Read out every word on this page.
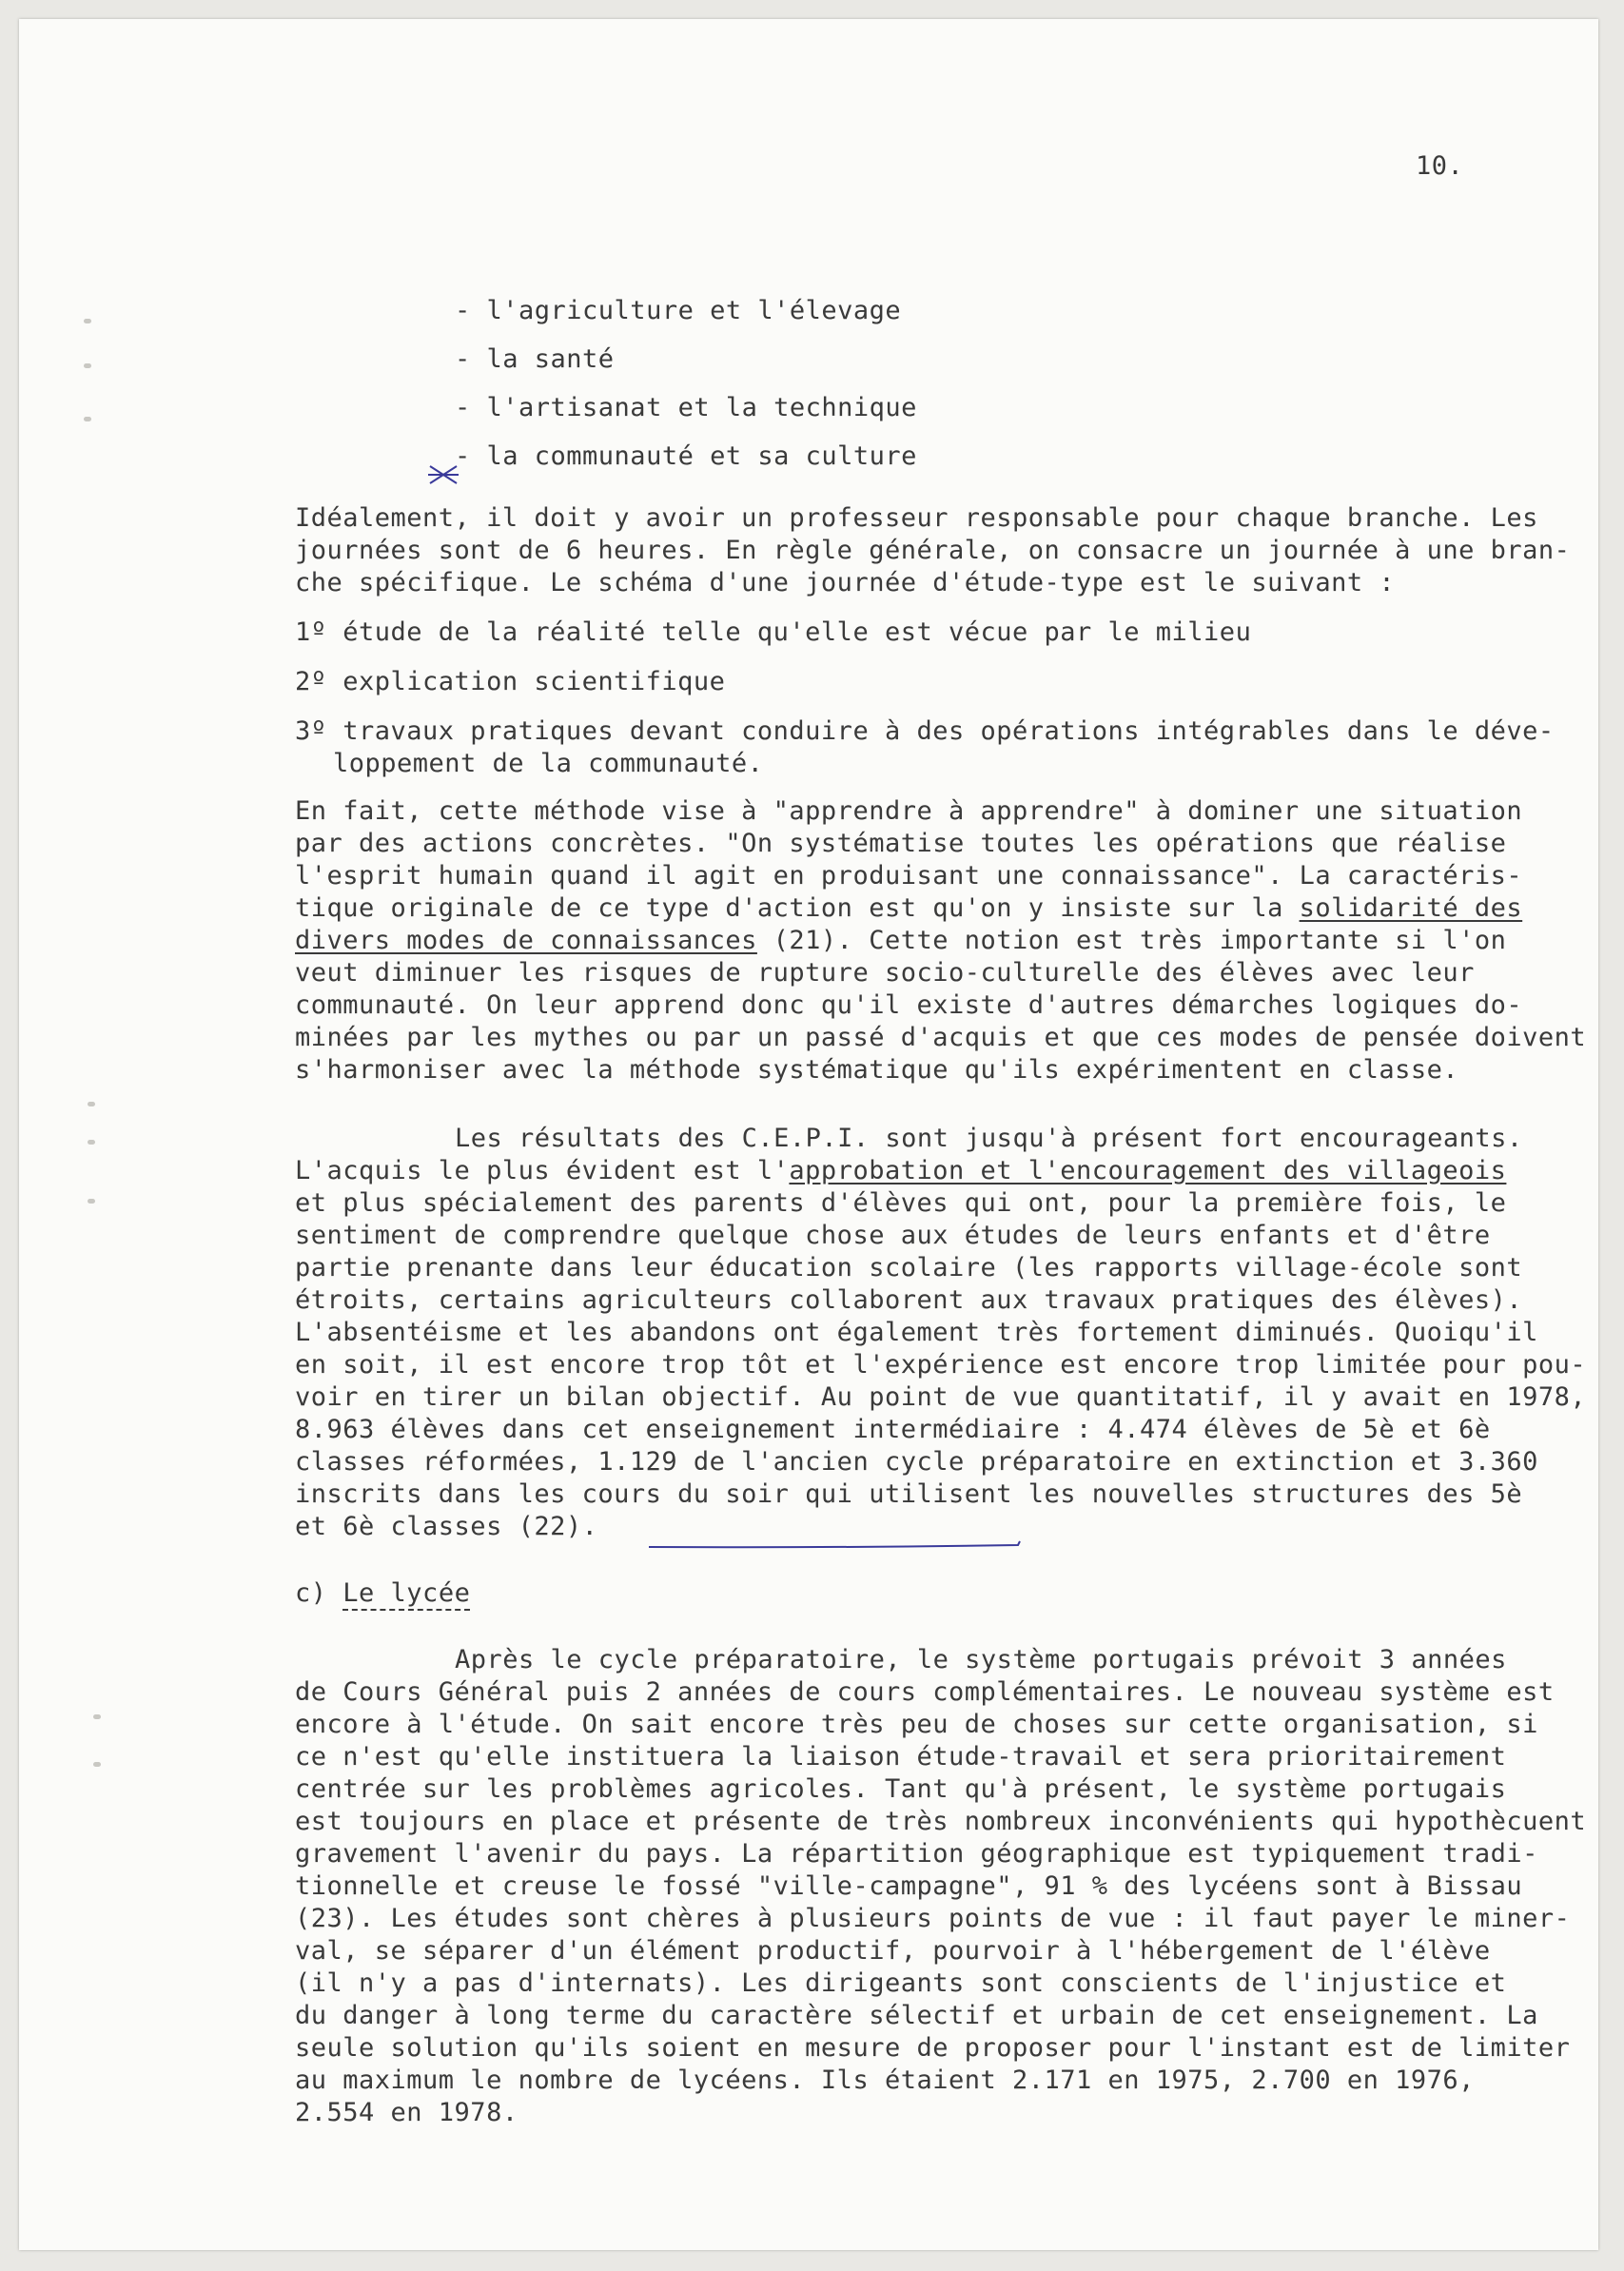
10.
- l'agriculture et l'élevage
- la santé
- l'artisanat et la technique
- la communauté et sa culture
Idéalement, il doit y avoir un professeur responsable pour chaque branche. Les
journées sont de 6 heures. En règle générale, on consacre un journée à une bran-
che spécifique. Le schéma d'une journée d'étude-type est le suivant :
1º étude de la réalité telle qu'elle est vécue par le milieu
2º explication scientifique
3º travaux pratiques devant conduire à des opérations intégrables dans le déve-
loppement de la communauté.
En fait, cette méthode vise à "apprendre à apprendre" à dominer une situation
par des actions concrètes. "On systématise toutes les opérations que réalise
l'esprit humain quand il agit en produisant une connaissance". La caractéris-
tique originale de ce type d'action est qu'on y insiste sur la solidarité des
divers modes de connaissances (21). Cette notion est très importante si l'on
veut diminuer les risques de rupture socio-culturelle des élèves avec leur
communauté. On leur apprend donc qu'il existe d'autres démarches logiques do-
minées par les mythes ou par un passé d'acquis et que ces modes de pensée doivent
s'harmoniser avec la méthode systématique qu'ils expérimentent en classe.
Les résultats des C.E.P.I. sont jusqu'à présent fort encourageants.
L'acquis le plus évident est l'approbation et l'encouragement des villageois
et plus spécialement des parents d'élèves qui ont, pour la première fois, le
sentiment de comprendre quelque chose aux études de leurs enfants et d'être
partie prenante dans leur éducation scolaire (les rapports village-école sont
étroits, certains agriculteurs collaborent aux travaux pratiques des élèves).
L'absentéisme et les abandons ont également très fortement diminués. Quoiqu'il
en soit, il est encore trop tôt et l'expérience est encore trop limitée pour pou-
voir en tirer un bilan objectif. Au point de vue quantitatif, il y avait en 1978,
8.963 élèves dans cet enseignement intermédiaire : 4.474 élèves de 5è et 6è
classes réformées, 1.129 de l'ancien cycle préparatoire en extinction et 3.360
inscrits dans les cours du soir qui utilisent les nouvelles structures des 5è
et 6è classes (22).
c) Le lycée
Après le cycle préparatoire, le système portugais prévoit 3 années
de Cours Général puis 2 années de cours complémentaires. Le nouveau système est
encore à l'étude. On sait encore très peu de choses sur cette organisation, si
ce n'est qu'elle instituera la liaison étude-travail et sera prioritairement
centrée sur les problèmes agricoles. Tant qu'à présent, le système portugais
est toujours en place et présente de très nombreux inconvénients qui hypothècuent
gravement l'avenir du pays. La répartition géographique est typiquement tradi-
tionnelle et creuse le fossé "ville-campagne", 91 % des lycéens sont à Bissau
(23). Les études sont chères à plusieurs points de vue : il faut payer le miner-
val, se séparer d'un élément productif, pourvoir à l'hébergement de l'élève
(il n'y a pas d'internats). Les dirigeants sont conscients de l'injustice et
du danger à long terme du caractère sélectif et urbain de cet enseignement. La
seule solution qu'ils soient en mesure de proposer pour l'instant est de limiter
au maximum le nombre de lycéens. Ils étaient 2.171 en 1975, 2.700 en 1976,
2.554 en 1978.
